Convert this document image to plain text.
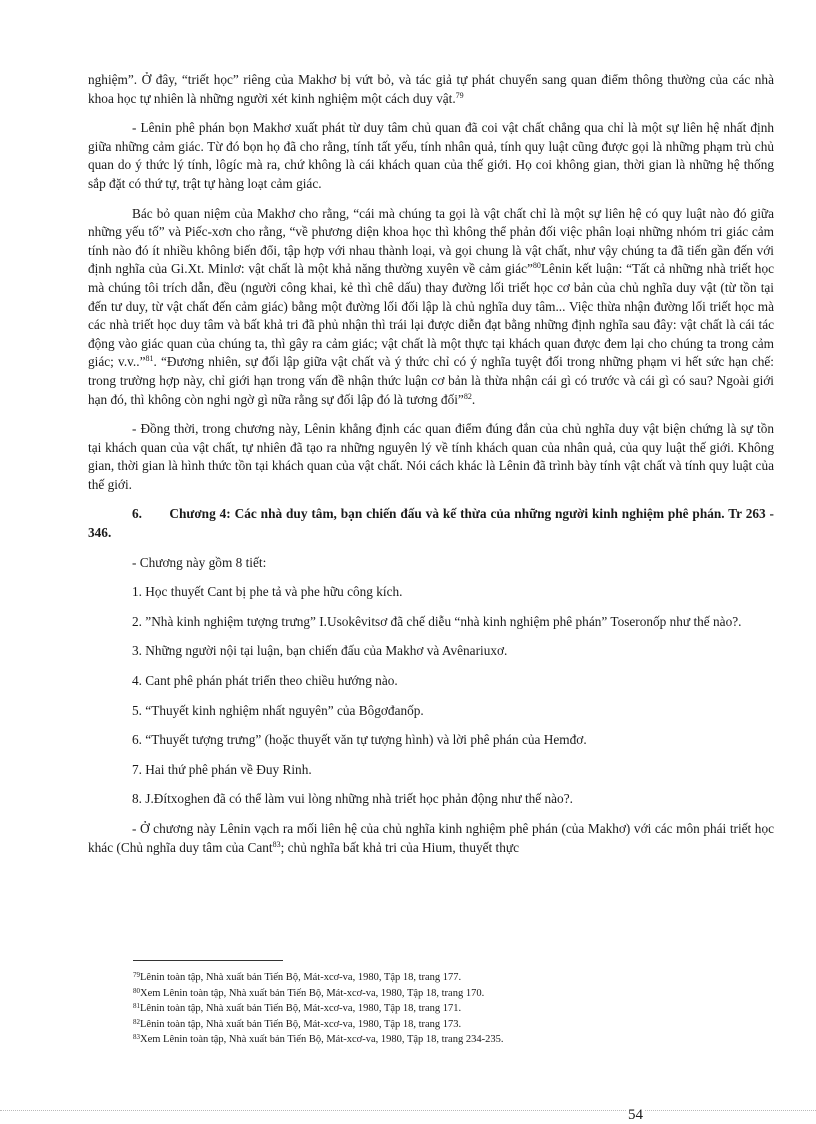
nghiệm”. Ở đây, “triết học” riêng của Makhơ bị vứt bỏ, và tác giả tự phát chuyển sang quan điểm thông thường của các nhà khoa học tự nhiên là những người xét kinh nghiệm một cách duy vật.$^{79}$

- Lênin phê phán bọn Makhơ xuất phát từ duy tâm chủ quan đã coi vật chất chẳng qua chỉ là một sự liên hệ nhất định giữa những cảm giác. Từ đó bọn họ đã cho rằng, tính tất yếu, tính nhân quả, tính quy luật cũng được gọi là những phạm trù chủ quan do ý thức lý tính, lôgíc mà ra, chứ không là cái khách quan của thế giới. Họ coi không gian, thời gian là những hệ thống sắp đặt có thứ tự, trật tự hàng loạt cảm giác.

Bác bỏ quan niệm của Makhơ cho rằng, “cái mà chúng ta gọi là vật chất chỉ là một sự liên hệ có quy luật nào đó giữa những yếu tố” và Piếc-xơn cho rằng, “về phương diện khoa học thì không thể phản đối việc phân loại những nhóm tri giác cảm tính nào đó ít nhiều không biến đổi, tập hợp với nhau thành loại, và gọi chung là vật chất, như vậy chúng ta đã tiến gần đến với định nghĩa của Gi.Xt. Minlơ: vật chất là một khả năng thường xuyên về cảm giác”$^{80}$Lênin kết luận: “Tất cả những nhà triết học mà chúng tôi trích dẫn, đều (người công khai, kẻ thì chê dấu) thay đường lối triết học cơ bản của chủ nghĩa duy vật (từ tồn tại đến tư duy, từ vật chất đến cảm giác) bằng một đường lối đối lập là chủ nghĩa duy tâm... Việc thừa nhận đường lối triết học mà các nhà triết học duy tâm và bất khả tri đã phủ nhận thì trái lại được diễn đạt bằng những định nghĩa sau đây: vật chất là cái tác động vào giác quan của chúng ta, thì gây ra cảm giác; vật chất là một thực tại khách quan được đem lại cho chúng ta trong cảm giác; v.v..”$^{81}$. “Đương nhiên, sự đối lập giữa vật chất và ý thức chỉ có ý nghĩa tuyệt đối trong những phạm vi hết sức hạn chế: trong trường hợp này, chỉ giới hạn trong vấn đề nhận thức luận cơ bản là thừa nhận cái gì có trước và cái gì có sau? Ngoài giới hạn đó, thì không còn nghi ngờ gì nữa rằng sự đối lập đó là tương đối”$^{82}$.

- Đồng thời, trong chương này, Lênin khẳng định các quan điểm đúng đắn của chủ nghĩa duy vật biện chứng là sự tồn tại khách quan của vật chất, tự nhiên đã tạo ra những nguyên lý về tính khách quan của nhân quả, của quy luật thế giới. Không gian, thời gian là hình thức tồn tại khách quan của vật chất. Nói cách khác là Lênin đã trình bày tính vật chất và tính quy luật của thế giới.

6.       Chương 4: Các nhà duy tâm, bạn chiến đấu và kế thừa của những người kinh nghiệm phê phán. Tr 263 - 346.

- Chương này gồm 8 tiết:

1. Học thuyết Cant bị phe tả và phe hữu công kích.

2. ”Nhà kinh nghiệm tượng trưng” I.Usokêvitsơ đã chế diễu “nhà kinh nghiệm phê phán” Toseronốp như thế nào?.

3. Những người nội tại luận, bạn chiến đấu của Makhơ và Avênariuxơ.

4. Cant phê phán phát triển theo chiều hướng nào.

5. “Thuyết kinh nghiệm nhất nguyên” của Bôgơđanốp.

6. “Thuyết tượng trưng” (hoặc thuyết văn tự tượng hình) và lời phê phán của Hemđơ.

7. Hai thứ phê phán về Đuy Rinh.

8. J.Đítxoghen đã có thể làm vui lòng những nhà triết học phản động như thế nào?.

- Ở chương này Lênin vạch ra mối liên hệ của chủ nghĩa kinh nghiệm phê phán (của Makhơ) với các môn phái triết học khác (Chủ nghĩa duy tâm của Cant$^{83}$; chủ nghĩa bất khả tri của Hium, thuyết thực

$^{79}$Lênin toàn tập, Nhà xuất bản Tiến Bộ, Mát-xcơ-va, 1980, Tập 18, trang 177.

$^{80}$Xem Lênin toàn tập, Nhà xuất bản Tiến Bộ, Mát-xcơ-va, 1980, Tập 18, trang 170.

$^{81}$Lênin toàn tập, Nhà xuất bản Tiến Bộ, Mát-xcơ-va, 1980, Tập 18, trang 171.

$^{82}$Lênin toàn tập, Nhà xuất bản Tiến Bộ, Mát-xcơ-va, 1980, Tập 18, trang 173.

$^{83}$Xem Lênin toàn tập, Nhà xuất bản Tiến Bộ, Mát-xcơ-va, 1980, Tập 18, trang 234-235.

54
